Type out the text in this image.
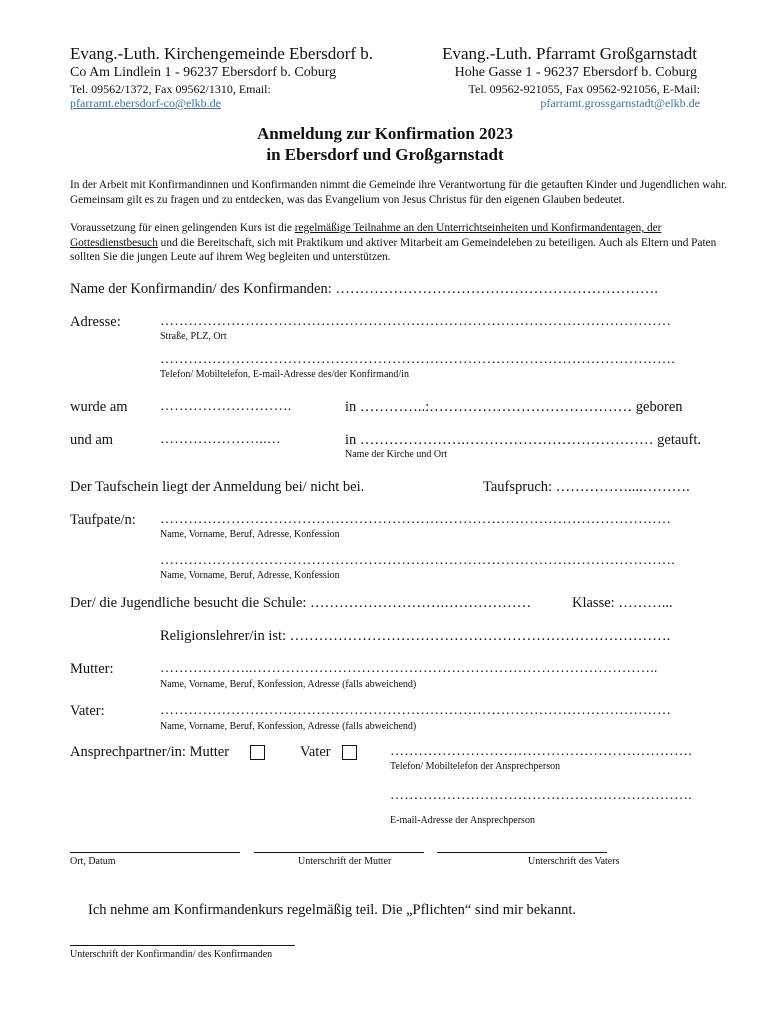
Evang.-Luth. Kirchengemeinde Ebersdorf b.
Co Am Lindlein 1 - 96237 Ebersdorf b. Coburg
Tel. 09562/1372, Fax 09562/1310, Email:
pfarramt.ebersdorf-co@elkb.de
Evang.-Luth. Pfarramt Großgarnstadt
Hohe Gasse 1 - 96237 Ebersdorf b. Coburg
Tel. 09562-921055, Fax 09562-921056, E-Mail:
pfarramt.grossgarnstadt@elkb.de
Anmeldung zur Konfirmation 2023
in Ebersdorf und Großgarnstadt
In der Arbeit mit Konfirmandinnen und Konfirmanden nimmt die Gemeinde ihre Verantwortung für die getauften Kinder und Jugendlichen wahr. Gemeinsam gilt es zu fragen und zu entdecken, was das Evangelium von Jesus Christus für den eigenen Glauben bedeutet.
Voraussetzung für einen gelingenden Kurs ist die regelmäßige Teilnahme an den Unterrichtseinheiten und Konfirmandentagen, der Gottesdienstbesuch und die Bereitschaft, sich mit Praktikum und aktiver Mitarbeit am Gemeindeleben zu beteiligen. Auch als Eltern und Paten sollten Sie die jungen Leute auf ihrem Weg begleiten und unterstützen.
Name der Konfirmandin/ des Konfirmanden: ………………………………………………………….
Adresse:	………………………………………………………………………………………………
Straße, PLZ, Ort
……………………………………………………………………………………………….
Telefon/ Mobiltelefon, E-mail-Adresse des/der Konfirmand/in
wurde am ……………………….	in …………..:…………………………………… geboren
und am	…………………..…	in ………………….………………………………… getauft.
Name der Kirche und Ort
Der Taufschein liegt der Anmeldung bei/ nicht bei.	Taufspruch: ……………....……….
Taufpate/n: ………………………………………………………………………………………………
Name, Vorname, Beruf, Adresse, Konfession
……………………………………………………………………………………………….
Name, Vorname, Beruf, Adresse, Konfession
Der/ die Jugendliche besucht die Schule: ……………………….………………	Klasse: ………...
Religionslehrer/in ist: …………………………………………………………………….
Mutter:	………………..…………………………………………………………………………..
Name, Vorname, Beruf, Konfession, Adresse (falls abweichend)
Vater:	………………………………………………………………………………………………
Name, Vorname, Beruf, Konfession, Adresse (falls abweichend)
Ansprechpartner/in: Mutter	Vater	……………………………………………………….
Telefon/ Mobiltelefon der Ansprechperson
……………………………………………………….
E-mail-Adresse der Ansprechperson
Ort, Datum	Unterschrift der Mutter	Unterschrift des Vaters
Ich nehme am Konfirmandenkurs regelmäßig teil. Die „Pflichten“ sind mir bekannt.
Unterschrift der Konfirmandin/ des Konfirmanden
